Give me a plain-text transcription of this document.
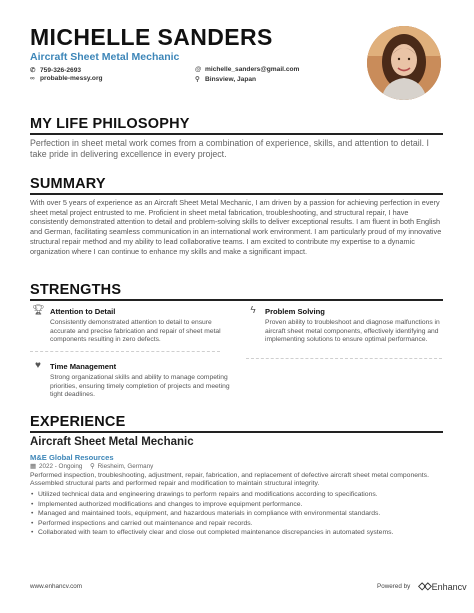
MICHELLE SANDERS
Aircraft Sheet Metal Mechanic
✆ 759-326-2693	@ michelle_sanders@gmail.com
∞ probable-messy.org	⚲ Binsview, Japan
MY LIFE PHILOSOPHY
Perfection in sheet metal work comes from a combination of experience, skills, and attention to detail. I take pride in delivering excellence in every project.
SUMMARY
With over 5 years of experience as an Aircraft Sheet Metal Mechanic, I am driven by a passion for achieving perfection in every sheet metal project entrusted to me. Proficient in sheet metal fabrication, troubleshooting, and structural repair, I have consistently demonstrated attention to detail and problem-solving skills to deliver exceptional results. I am fluent in both English and German, facilitating seamless communication in an international work environment. I am particularly proud of my innovative structural repair method and my ability to lead collaborative teams. I am excited to contribute my expertise to a dynamic organization where I can continue to enhance my skills and make a significant impact.
STRENGTHS
🏆︎ Attention to Detail
Consistently demonstrated attention to detail to ensure accurate and precise fabrication and repair of sheet metal components resulting in zero defects.
ϟ	Problem Solving
Proven ability to troubleshoot and diagnose malfunctions in aircraft sheet metal components, effectively identifying and implementing solutions to ensure optimal performance.
♥	Time Management
Strong organizational skills and ability to manage competing priorities, ensuring timely completion of projects and meeting tight deadlines.
EXPERIENCE
Aircraft Sheet Metal Mechanic
M&E Global Resources
▦ 2022 - Ongoing ⚲ Riesheim, Germany
Performed inspection, troubleshooting, adjustment, repair, fabrication, and replacement of defective aircraft sheet metal components. Assembled structural parts and performed repair and modification to maintain structural integrity.
• Utilized technical data and engineering drawings to perform repairs and modifications according to specifications.
• Implemented authorized modifications and changes to improve equipment performance.
• Managed and maintained tools, equipment, and hazardous materials in compliance with environmental standards.
• Performed inspections and carried out maintenance and repair records.
• Collaborated with team to effectively clear and close out completed maintenance discrepancies in automated systems.
www.enhancv.com	Powered by ◇◇ Enhancv
